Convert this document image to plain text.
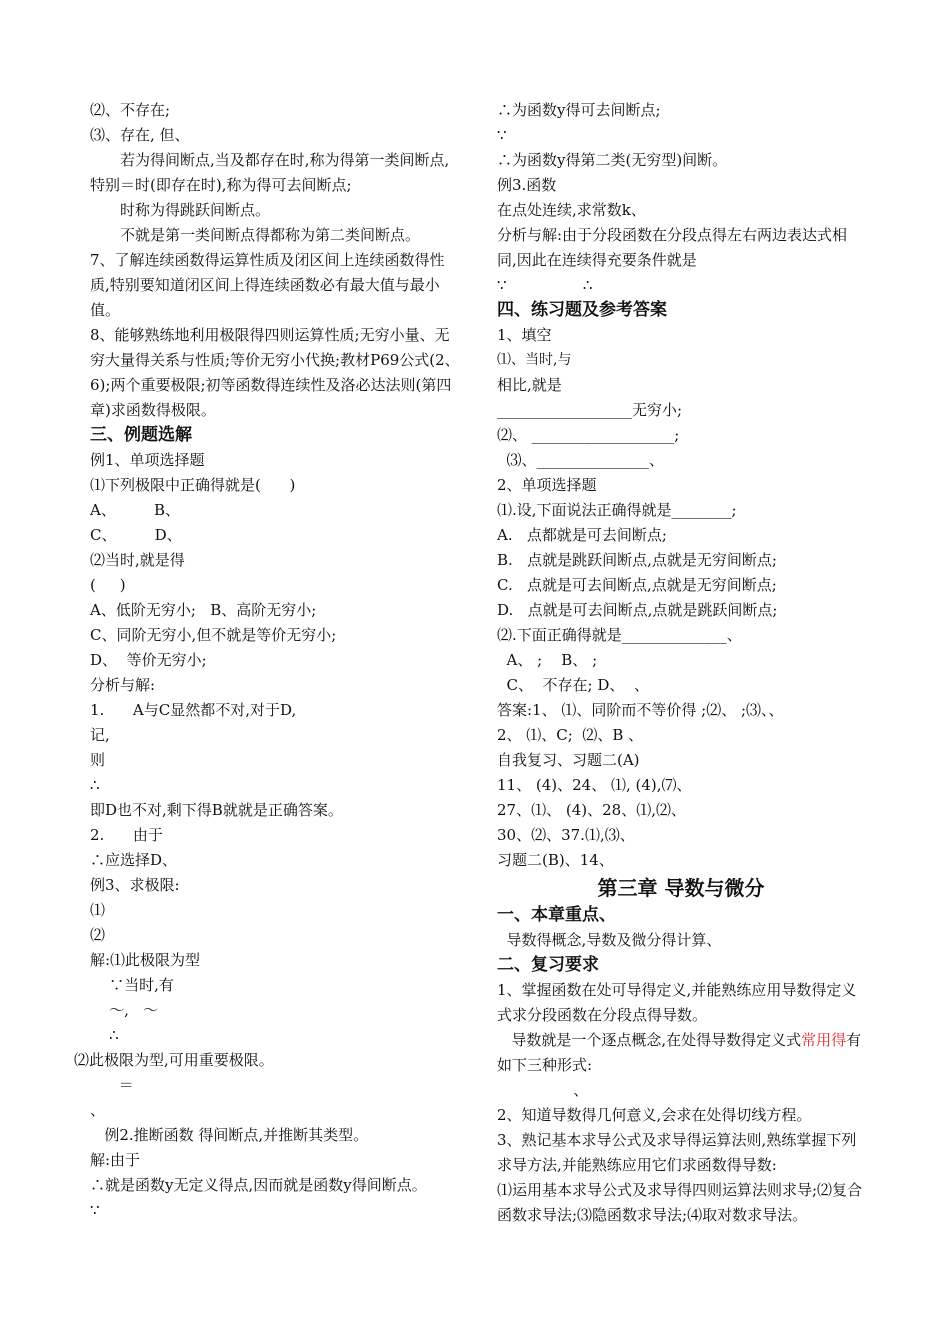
⑵、不存在;
⑶、存在, 但、
若为得间断点,当及都存在时,称为得第一类间断点,特别＝时(即存在时),称为得可去间断点;
时称为得跳跃间断点。
不就是第一类间断点得都称为第二类间断点。
7、了解连续函数得运算性质及闭区间上连续函数得性质,特别要知道闭区间上得连续函数必有最大值与最小值。
8、能够熟练地利用极限得四则运算性质;无穷小量、无穷大量得关系与性质;等价无穷小代换;教材P69公式(2、6);两个重要极限;初等函数得连续性及洛必达法则(第四章)求函数得极限。
三、例题选解
例1、单项选择题
⑴下列极限中正确得就是(      )
A、        B、
C、        D、
⑵当时,就是得
(     )
A、低阶无穷小;   B、高阶无穷小;
C、同阶无穷小,但不就是等价无穷小;
D、  等价无穷小;
分析与解:
1.      A与C显然都不对,对于D,
记,
则
∴
即D也不对,剩下得B就就是正确答案。
2.      由于
∴应选择D、
例3、求极限:
⑴
⑵
解:⑴此极限为型
∵当时,有
～,   ～
∴
⑵此极限为型,可用重要极限。
＝
、
例2.推断函数 得间断点,并推断其类型。
解:由于
∴就是函数y无定义得点,因而就是函数y得间断点。
∵
∴为函数y得可去间断点;
∵
∴为函数y得第二类(无穷型)间断。
例3.函数
在点处连续,求常数k、
分析与解:由于分段函数在分段点得左右两边表达式相同,因此在连续得充要条件就是
∵                ∴
四、练习题及参考答案
1、填空
⑴、当时,与
相比,就是
__________________无穷小;
⑵、 ___________________;
⑶、_______________、
2、单项选择题
⑴.设,下面说法正确得就是________;
A.   点都就是可去间断点;
B.   点就是跳跃间断点,点就是无穷间断点;
C.   点就是可去间断点,点就是无穷间断点;
D.   点就是可去间断点,点就是跳跃间断点;
⑵.下面正确得就是______________、
A、 ;    B、 ;
C、  不存在; D、  、
答案:1、 ⑴、同阶而不等价得 ;⑵、 ;⑶、、
2、 ⑴、C;  ⑵、B 、
自我复习、习题二(A)
11、 (4)、24、 ⑴, (4),⑺、
27、⑴、 (4)、28、⑴,⑵、
30、⑵、37.⑴,⑶、
习题二(B)、14、
第三章 导数与微分
一、本章重点、
导数得概念,导数及微分得计算、
二、复习要求
1、掌握函数在处可导得定义,并能熟练应用导数得定义式求分段函数在分段点得导数。
导数就是一个逐点概念,在处得导数得定义式常用得有如下三种形式:
、
2、知道导数得几何意义,会求在处得切线方程。
3、熟记基本求导公式及求导得运算法则,熟练掌握下列求导方法,并能熟练应用它们求函数得导数:
⑴运用基本求导公式及求导得四则运算法则求导;⑵复合函数求导法;⑶隐函数求导法;⑷取对数求导法。
